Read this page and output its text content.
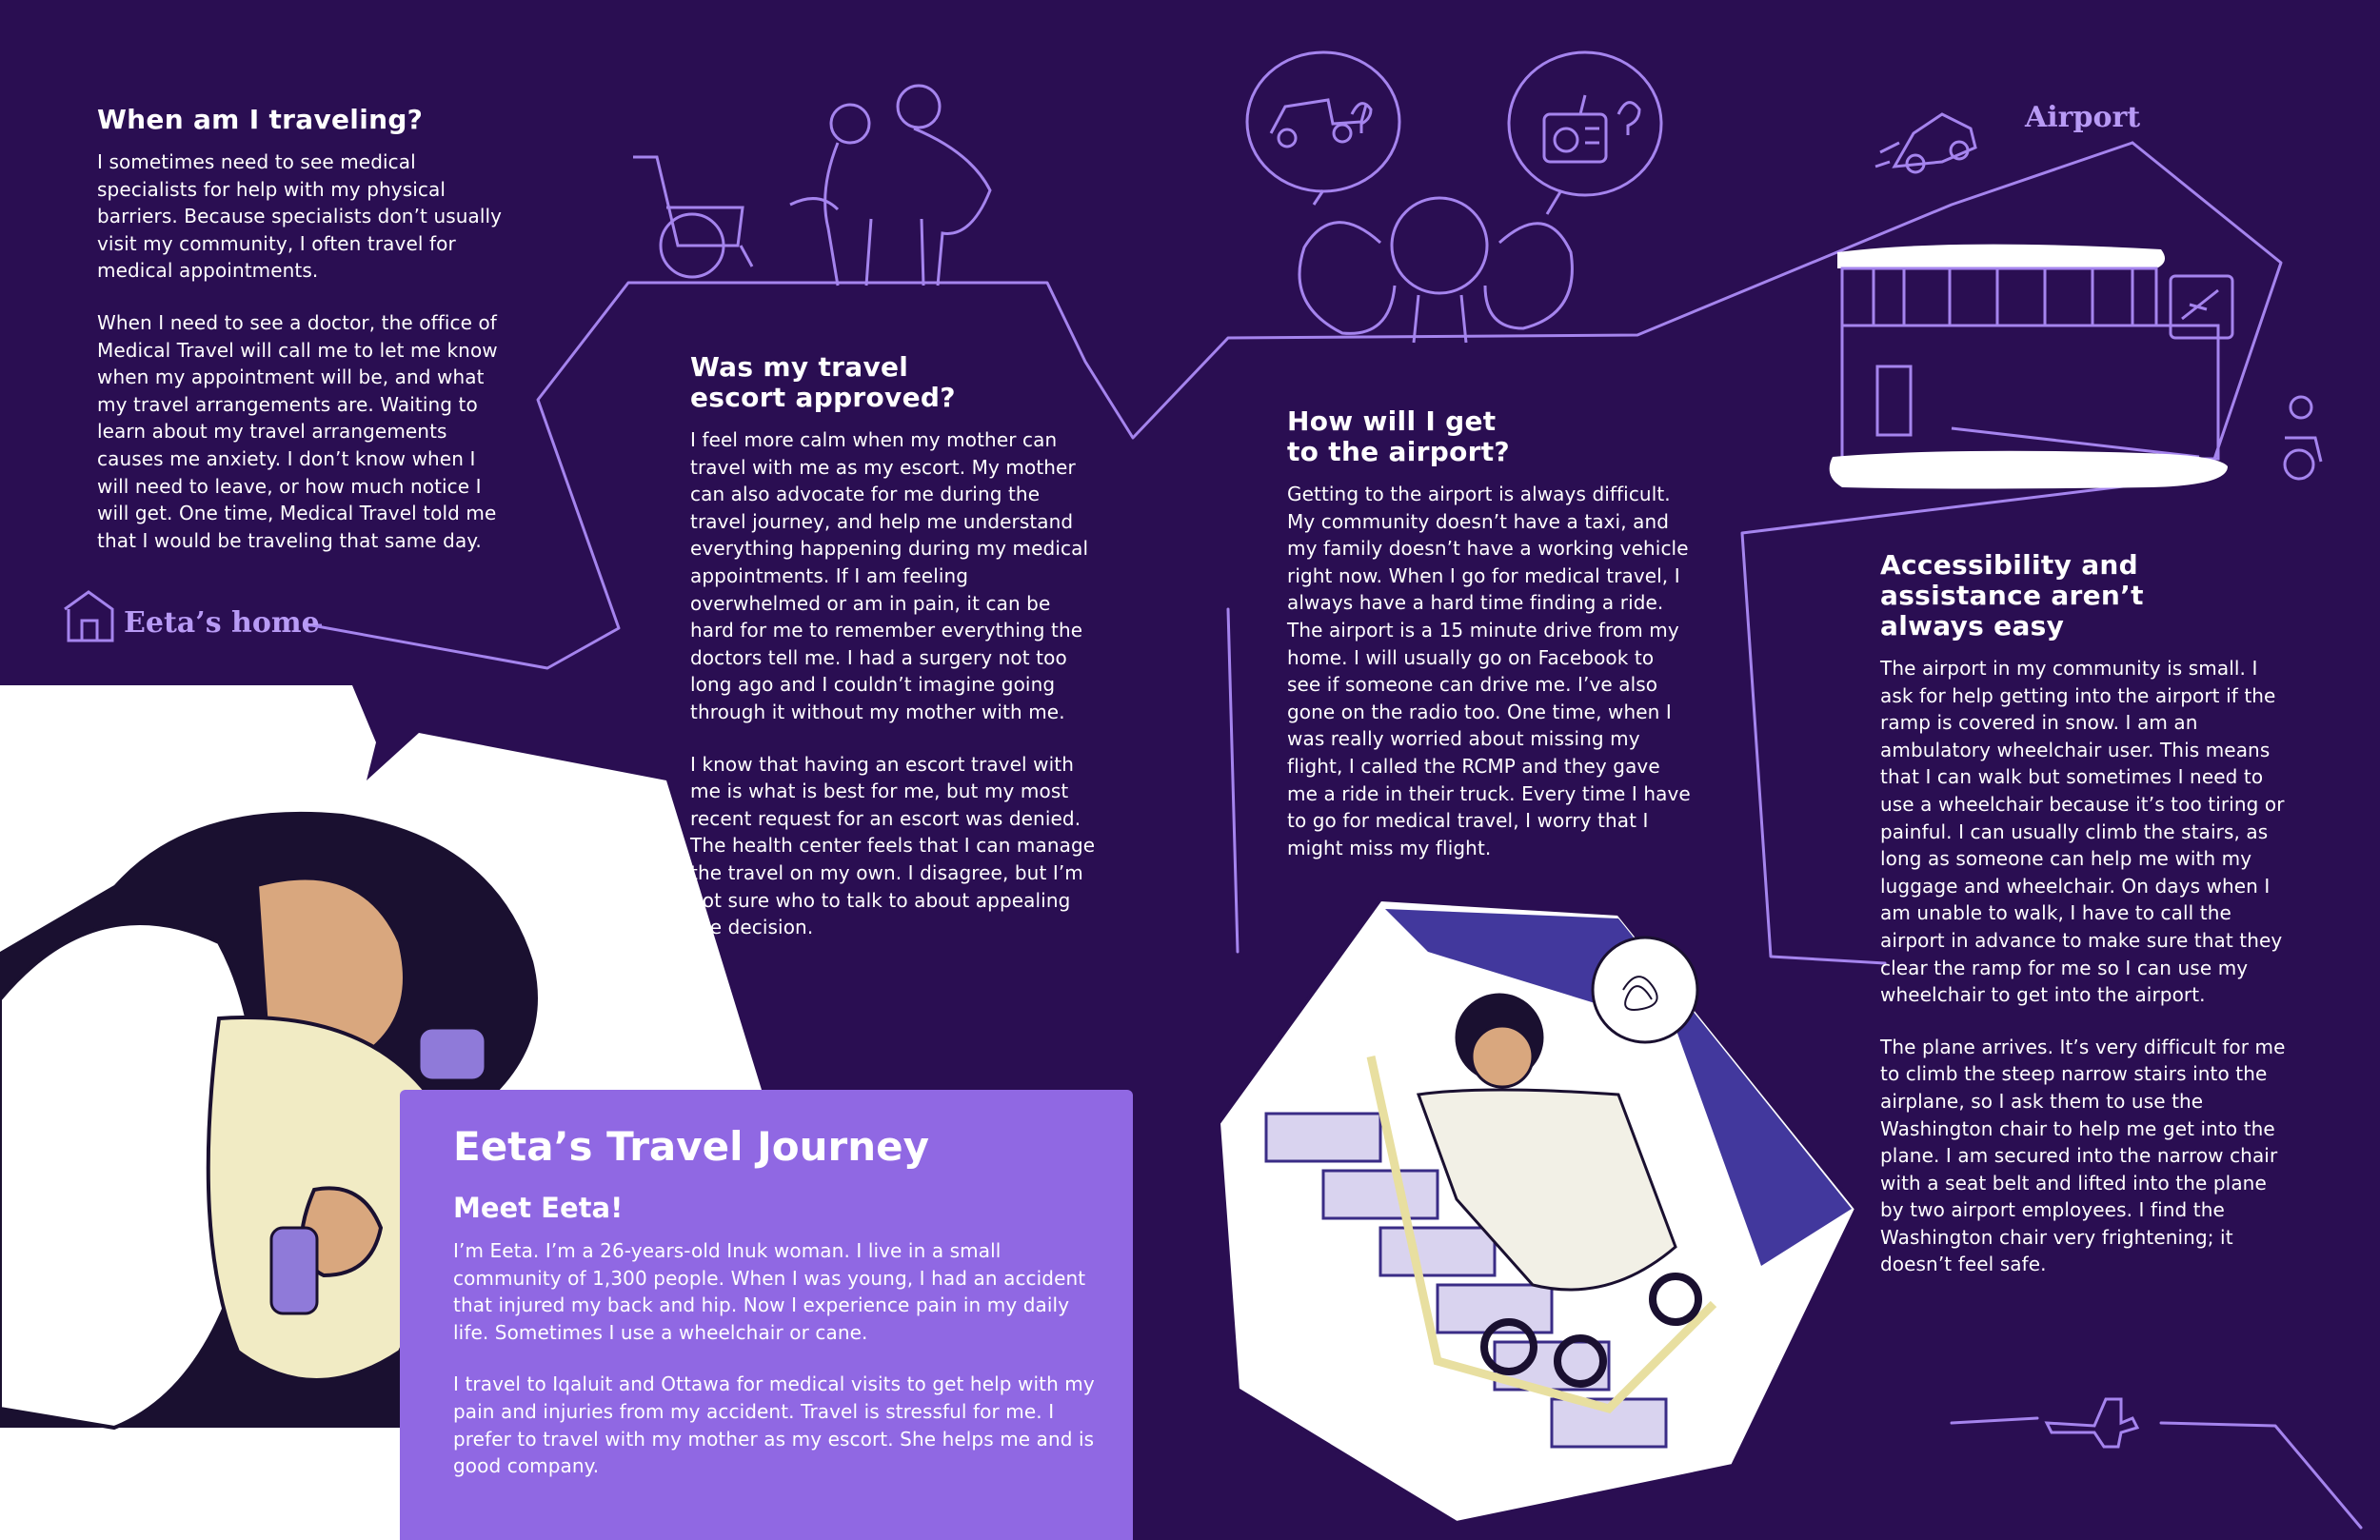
Eeta’s home
Airport
When am I traveling?

I sometimes need to see medical specialists for help with my physical barriers. Because specialists don’t usually visit my community, I often travel for medical appointments.

When I need to see a doctor, the office of Medical Travel will call me to let me know when my appointment will be, and what my travel arrangements are. Waiting to learn about my travel arrangements causes me anxiety. I don’t know when I will need to leave, or how much notice I will get. One time, Medical Travel told me that I would be traveling that same day.

Was my travel
escort approved?

I feel more calm when my mother can travel with me as my escort. My mother can also advocate for me during the travel journey, and help me understand everything happening during my medical appointments. If I am feeling overwhelmed or am in pain, it can be hard for me to remember everything the doctors tell me. I had a surgery not too long ago and I couldn’t imagine going through it without my mother with me.

I know that having an escort travel with me is what is best for me, but my most recent request for an escort was denied. The health center feels that I can manage the travel on my own. I disagree, but I’m not sure who to talk to about appealing the decision.

How will I get
to the airport?

Getting to the airport is always difficult. My community doesn’t have a taxi, and my family doesn’t have a working vehicle right now. When I go for medical travel, I always have a hard time finding a ride. The airport is a 15 minute drive from my home. I will usually go on Facebook to see if someone can drive me. I’ve also gone on the radio too. One time, when I was really worried about missing my flight, I called the RCMP and they gave me a ride in their truck. Every time I have to go for medical travel, I worry that I might miss my flight.

Accessibility and
assistance aren’t
always easy

The airport in my community is small. I ask for help getting into the airport if the ramp is covered in snow. I am an ambulatory wheelchair user. This means that I can walk but sometimes I need to use a wheelchair because it’s too tiring or painful. I can usually climb the stairs, as long as someone can help me with my luggage and wheelchair. On days when I am unable to walk, I have to call the airport in advance to make sure that they clear the ramp for me so I can use my wheelchair to get into the airport.

The plane arrives. It’s very difficult for me to climb the steep narrow stairs into the airplane, so I ask them to use the Washington chair to help me get into the plane. I am secured into the narrow chair with a seat belt and lifted into the plane by two airport employees. I find the Washington chair very frightening; it doesn’t feel safe.

Eeta’s Travel Journey
Meet Eeta!

I’m Eeta. I’m a 26-years-old Inuk woman. I live in a small community of 1,300 people. When I was young, I had an accident that injured my back and hip. Now I experience pain in my daily life. Sometimes I use a wheelchair or cane.

I travel to Iqaluit and Ottawa for medical visits to get help with my pain and injuries from my accident. Travel is stressful for me. I prefer to travel with my mother as my escort. She helps me and is good company.
